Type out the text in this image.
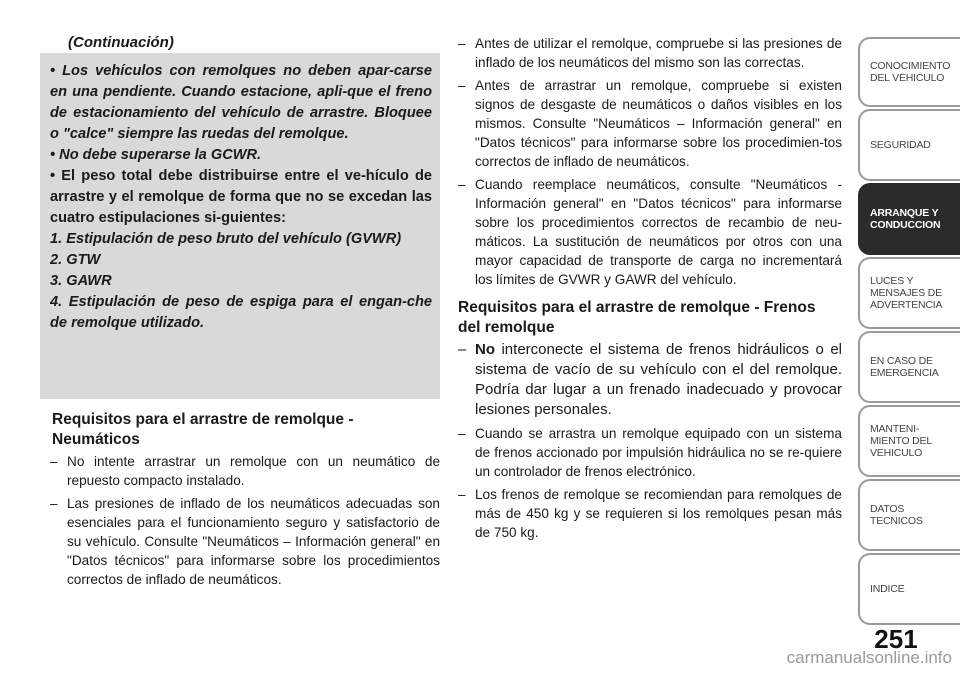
(Continuación)

• Los vehículos con remolques no deben apar-carse en una pendiente. Cuando estacione, apli-que el freno de estacionamiento del vehículo de arrastre. Bloquee o "calce" siempre las ruedas del remolque.

• No debe superarse la GCWR.

• El peso total debe distribuirse entre el ve-hículo de arrastre y el remolque de forma que no se excedan las cuatro estipulaciones si-guientes:

1. Estipulación de peso bruto del vehículo (GVWR)

2. GTW

3. GAWR

4. Estipulación de peso de espiga para el engan-che de remolque utilizado.

Requisitos para el arrastre de remolque - Neumáticos
– No intente arrastrar un remolque con un neumático de repuesto compacto instalado.
– Las presiones de inflado de los neumáticos adecuadas son esenciales para el funcionamiento seguro y satisfactorio de su vehículo. Consulte "Neumáticos – Información general" en "Datos técnicos" para informarse sobre los procedimientos correctos de inflado de neumáticos.
– Antes de utilizar el remolque, compruebe si las presiones de inflado de los neumáticos del mismo son las correctas.
– Antes de arrastrar un remolque, compruebe si existen signos de desgaste de neumáticos o daños visibles en los mismos. Consulte "Neumáticos – Información general" en "Datos técnicos" para informarse sobre los procedimien-tos correctos de inflado de neumáticos.
– Cuando reemplace neumáticos, consulte "Neumáticos - Información general" en "Datos técnicos" para informarse sobre los procedimientos correctos de recambio de neu-máticos. La sustitución de neumáticos por otros con una mayor capacidad de transporte de carga no incrementará los límites de GVWR y GAWR del vehículo.
Requisitos para el arrastre de remolque - Frenos del remolque
– No interconecte el sistema de frenos hidráulicos o el sistema de vacío de su vehículo con el del remolque. Podría dar lugar a un frenado inadecuado y provocar lesiones personales.
– Cuando se arrastra un remolque equipado con un sistema de frenos accionado por impulsión hidráulica no se re-quiere un controlador de frenos electrónico.
– Los frenos de remolque se recomiendan para remolques de más de 450 kg y se requieren si los remolques pesan más de 750 kg.
CONOCIMIENTO
DEL VEHICULO
SEGURIDAD
ARRANQUE Y
CONDUCCION
LUCES Y
MENSAJES DE
ADVERTENCIA
EN CASO DE
EMERGENCIA
MANTENI-
MIENTO DEL
VEHICULO
DATOS
TECNICOS
INDICE
251
carmanualsonline.info
